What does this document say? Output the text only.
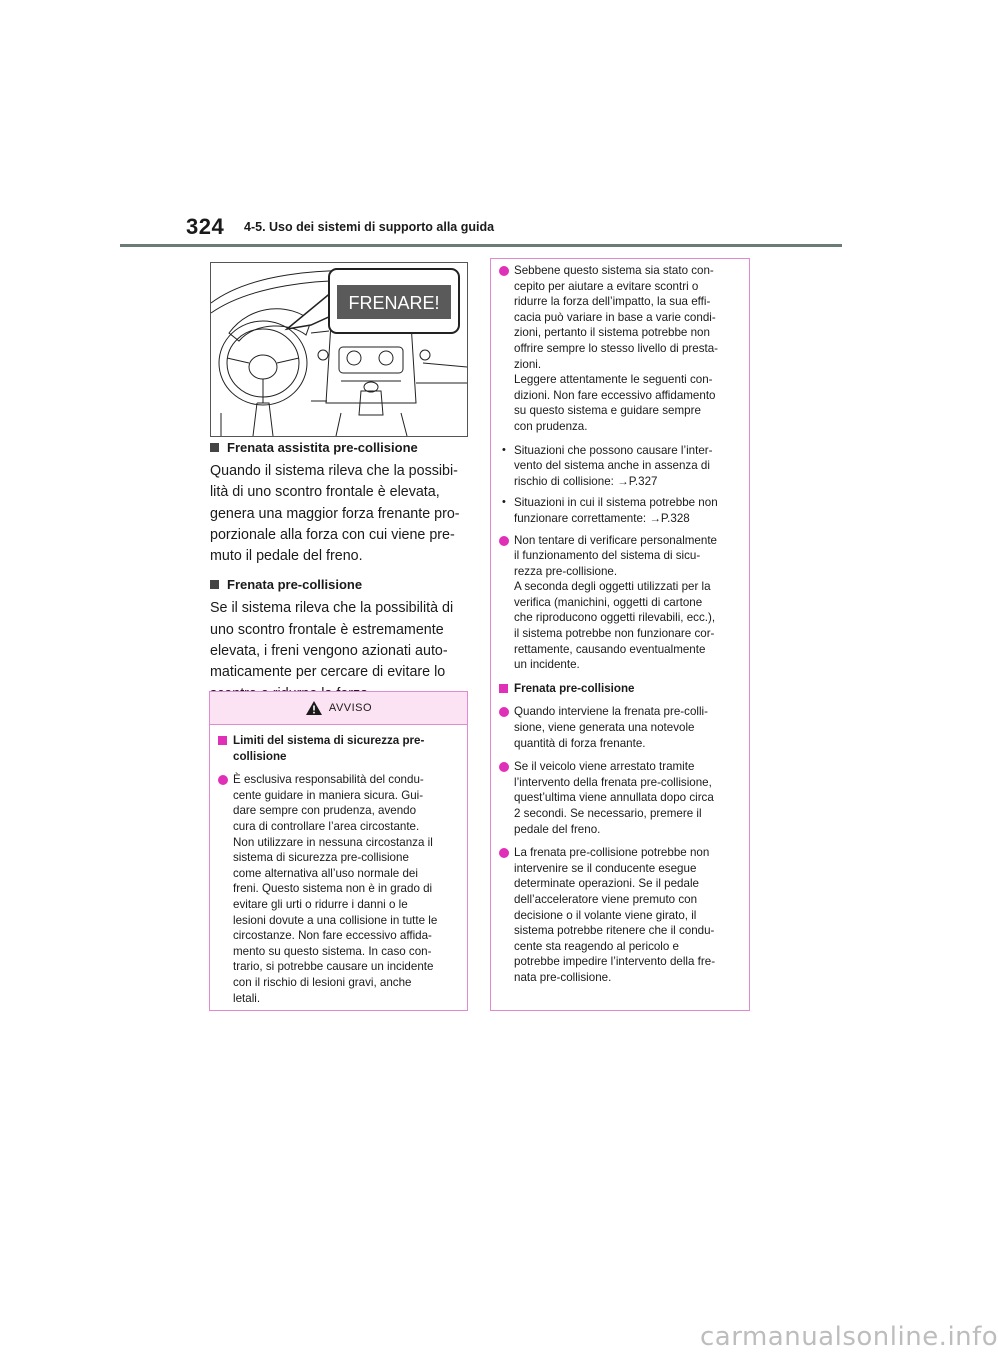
324 4-5. Uso dei sistemi di supporto alla guida
FRENARE!
Frenata assistita pre-collisione

Quando il sistema rileva che la possibi-
lità di uno scontro frontale è elevata,
genera una maggior forza frenante pro-
porzionale alla forza con cui viene pre-
muto il pedale del freno.

Frenata pre-collisione

Se il sistema rileva che la possibilità di
uno scontro frontale è estremamente
elevata, i freni vengono azionati auto-
maticamente per cercare di evitare lo

AVVISO
Limiti del sistema di sicurezza pre-
collisione
È esclusiva responsabilità del condu-
cente guidare in maniera sicura. Gui-
dare sempre con prudenza, avendo
cura di controllare l’area circostante.
Non utilizzare in nessuna circostanza il
sistema di sicurezza pre-collisione
come alternativa all’uso normale dei
freni. Questo sistema non è in grado di
evitare gli urti o ridurre i danni o le
lesioni dovute a una collisione in tutte le
circostanze. Non fare eccessivo affida-
mento su questo sistema. In caso con-
trario, si potrebbe causare un incidente
con il rischio di lesioni gravi, anche
letali.
Sebbene questo sistema sia stato con-
cepito per aiutare a evitare scontri o
ridurre la forza dell’impatto, la sua effi-
cacia può variare in base a varie condi-
zioni, pertanto il sistema potrebbe non
offrire sempre lo stesso livello di presta-
zioni.
Leggere attentamente le seguenti con-
dizioni. Non fare eccessivo affidamento
su questo sistema e guidare sempre
con prudenza.
• Situazioni che possono causare l’inter-
vento del sistema anche in assenza di
rischio di collisione: →P.327
• Situazioni in cui il sistema potrebbe non
funzionare correttamente: →P.328
Non tentare di verificare personalmente
il funzionamento del sistema di sicu-
rezza pre-collisione.
A seconda degli oggetti utilizzati per la
verifica (manichini, oggetti di cartone
che riproducono oggetti rilevabili, ecc.),
il sistema potrebbe non funzionare cor-
rettamente, causando eventualmente
un incidente.
Frenata pre-collisione
Quando interviene la frenata pre-colli-
sione, viene generata una notevole
quantità di forza frenante.
Se il veicolo viene arrestato tramite
l’intervento della frenata pre-collisione,
quest’ultima viene annullata dopo circa
2 secondi. Se necessario, premere il
pedale del freno.
La frenata pre-collisione potrebbe non
intervenire se il conducente esegue
determinate operazioni. Se il pedale
dell’acceleratore viene premuto con
decisione o il volante viene girato, il
sistema potrebbe ritenere che il condu-
cente sta reagendo al pericolo e
potrebbe impedire l’intervento della fre-
nata pre-collisione.
carmanualsonline.info
